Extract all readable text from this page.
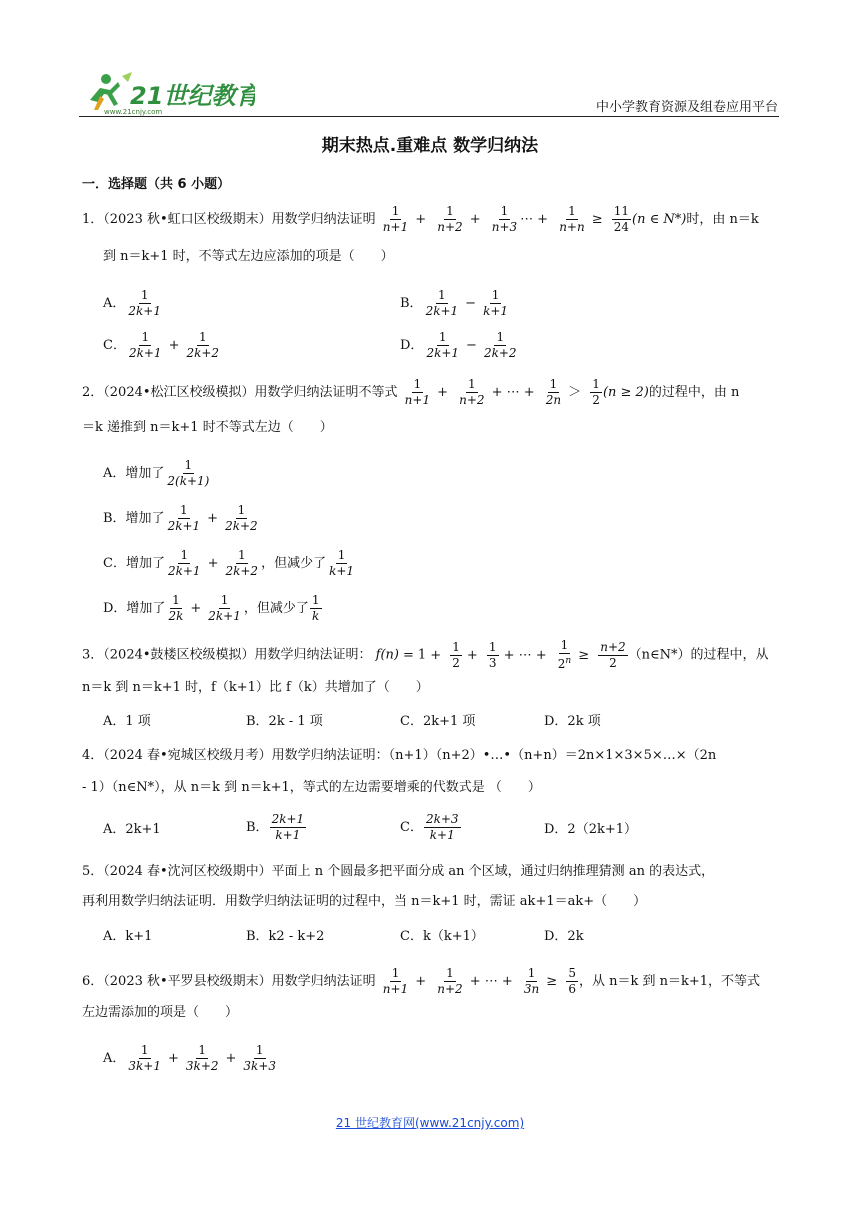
21世纪教育
www.21cnjy.com	中小学教育资源及组卷应用平台
期末热点.重难点 数学归纳法
一．选择题（共 6 小题）
1．（2023 秋•虹口区校级期末）用数学归纳法证明 $\frac{1}{n+1} + \frac{1}{n+2} + \frac{1}{n+3}$ ⋯ + $\frac{1}{n+n} \ge \frac{11}{24} (n$ ∈ N*)时，由 n＝k
到 n＝k+1 时，不等式左边应添加的项是（　　）
A． $\frac{1}{2k+1}$	B． $\frac{1}{2k+1} - \frac{1}{k+1}$
C． $\frac{1}{2k+1} + \frac{1}{2k+2}$	D． $\frac{1}{2k+1} - \frac{1}{2k+2}$
2．（2024•松江区校级模拟）用数学归纳法证明不等式 $\frac{1}{n+1} + \frac{1}{n+2}$ + ⋯ + $\frac{1}{2n} > \frac{1}{2} (n \ge 2)$的过程中，由 n
＝k 递推到 n＝k+1 时不等式左边（　　）
A．增加了 $\frac{1}{2(k+1)}$
B．增加了 $\frac{1}{2k+1} + \frac{1}{2k+2}$
C．增加了 $\frac{1}{2k+1} + \frac{1}{2k+2}$ ，但减少了 $\frac{1}{k+1}$
D．增加了 $\frac{1}{2k} + \frac{1}{2k+1}$ ，但减少了 $\frac{1}{k}$
3．（2024•鼓楼区校级模拟）用数学归纳法证明： $f(n) = 1 + \frac{1}{2} + \frac{1}{3}$ + ⋯ + $\frac{1}{2^n} \ge \frac{n+2}{2}$ （n∈N*）的过程中，从
n＝k 到 n＝k+1 时，f（k+1）比 f（k）共增加了（　　）
A．1 项	B．2k - 1 项	C．2k+1 项	D．2k 项
4．（2024 春•宛城区校级月考）用数学归纳法证明：（n+1）（n+2）•…•（n+n）＝2n×1×3×5×…×（2n
- 1）（n∈N*），从 n＝k 到 n＝k+1，等式的左边需要增乘的代数式是 （　　）
A．2k+1	B． $\frac{2k+1}{k+1}$	C． $\frac{2k+3}{k+1}$	D．2（2k+1）
5．（2024 春•沈河区校级期中）平面上 n 个圆最多把平面分成 an 个区域，通过归纳推理猜测 an 的表达式，
再利用数学归纳法证明．用数学归纳法证明的过程中，当 n＝k+1 时，需证 ak+1＝ak+（　　）
A．k+1	B．k2 - k+2	C．k（k+1）	D．2k
6．（2023 秋•平罗县校级期末）用数学归纳法证明 $\frac{1}{n+1} + \frac{1}{n+2}$ + ⋯ + $\frac{1}{3n} \ge \frac{5}{6}$ ，从 n＝k 到 n＝k+1，不等式
左边需添加的项是（　　）
A． $\frac{1}{3k+1} + \frac{1}{3k+2} + \frac{1}{3k+3}$
21 世纪教育网(www.21cnjy.com)
